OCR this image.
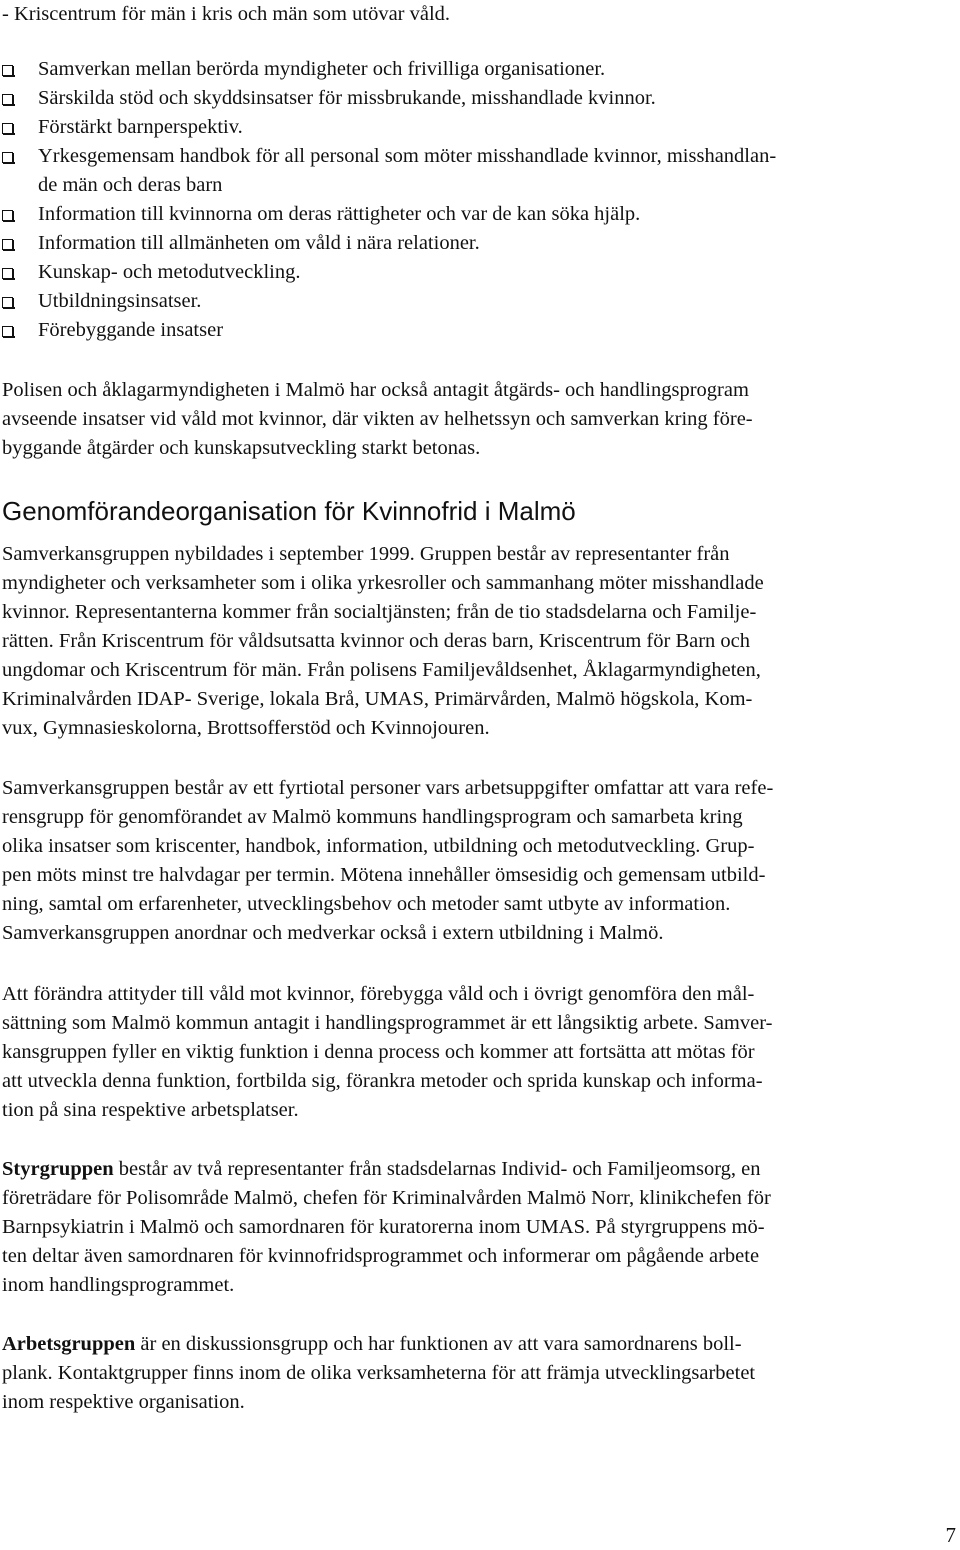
- Kriscentrum för män i kris och män som utövar våld.
Samverkan mellan berörda myndigheter och frivilliga organisationer.
Särskilda stöd och skyddsinsatser för missbrukande, misshandlade kvinnor.
Förstärkt barnperspektiv.
Yrkesgemensam handbok för all personal som möter misshandlade kvinnor, misshandlan-
de män och deras barn
Information till kvinnorna om deras rättigheter och var de kan söka hjälp.
Information till allmänheten om våld i nära relationer.
Kunskap- och metodutveckling.
Utbildningsinsatser.
Förebyggande insatser
Polisen och åklagarmyndigheten i Malmö har också antagit åtgärds- och handlingsprogram
avseende insatser vid våld mot kvinnor, där vikten av helhetssyn och samverkan kring före-
byggande åtgärder och kunskapsutveckling starkt betonas.
Genomförandeorganisation för Kvinnofrid i Malmö
Samverkansgruppen nybildades i september 1999. Gruppen består av representanter från
myndigheter och verksamheter som i olika yrkesroller och sammanhang möter misshandlade
kvinnor. Representanterna kommer från socialtjänsten; från de tio stadsdelarna och Familje-
rätten. Från Kriscentrum för våldsutsatta kvinnor och deras barn, Kriscentrum för Barn och
ungdomar och Kriscentrum för män. Från polisens Familjevåldsenhet, Åklagarmyndigheten,
Kriminalvården IDAP- Sverige, lokala Brå, UMAS, Primärvården, Malmö högskola, Kom-
vux, Gymnasieskolorna, Brottsofferstöd och Kvinnojouren.
Samverkansgruppen består av ett fyrtiotal personer vars arbetsuppgifter omfattar att vara refe-
rensgrupp för genomförandet av Malmö kommuns handlingsprogram och samarbeta kring
olika insatser som kriscenter, handbok, information, utbildning och metodutveckling. Grup-
pen möts minst tre halvdagar per termin. Mötena innehåller ömsesidig och gemensam utbild-
ning, samtal om erfarenheter, utvecklingsbehov och metoder samt utbyte av information.
Samverkansgruppen anordnar och medverkar också i extern utbildning i Malmö.
Att förändra attityder till våld mot kvinnor, förebygga våld och i övrigt genomföra den mål-
sättning som Malmö kommun antagit i handlingsprogrammet är ett långsiktig arbete. Samver-
kansgruppen fyller en viktig funktion i denna process och kommer att fortsätta att mötas för
att utveckla denna funktion, fortbilda sig, förankra metoder och sprida kunskap och informa-
tion på sina respektive arbetsplatser.
Styrgruppen består av två representanter från stadsdelarnas Individ- och Familjeomsorg, en
företrädare för Polisområde Malmö, chefen för Kriminalvården Malmö Norr, klinikchefen för
Barnpsykiatrin i Malmö och samordnaren för kuratorerna inom UMAS. På styrgruppens mö-
ten deltar även samordnaren för kvinnofridsprogrammet och informerar om pågående arbete
inom handlingsprogrammet.
Arbetsgruppen är en diskussionsgrupp och har funktionen av att vara samordnarens boll-
plank. Kontaktgrupper finns inom de olika verksamheterna för att främja utvecklingsarbetet
inom respektive organisation.
7
